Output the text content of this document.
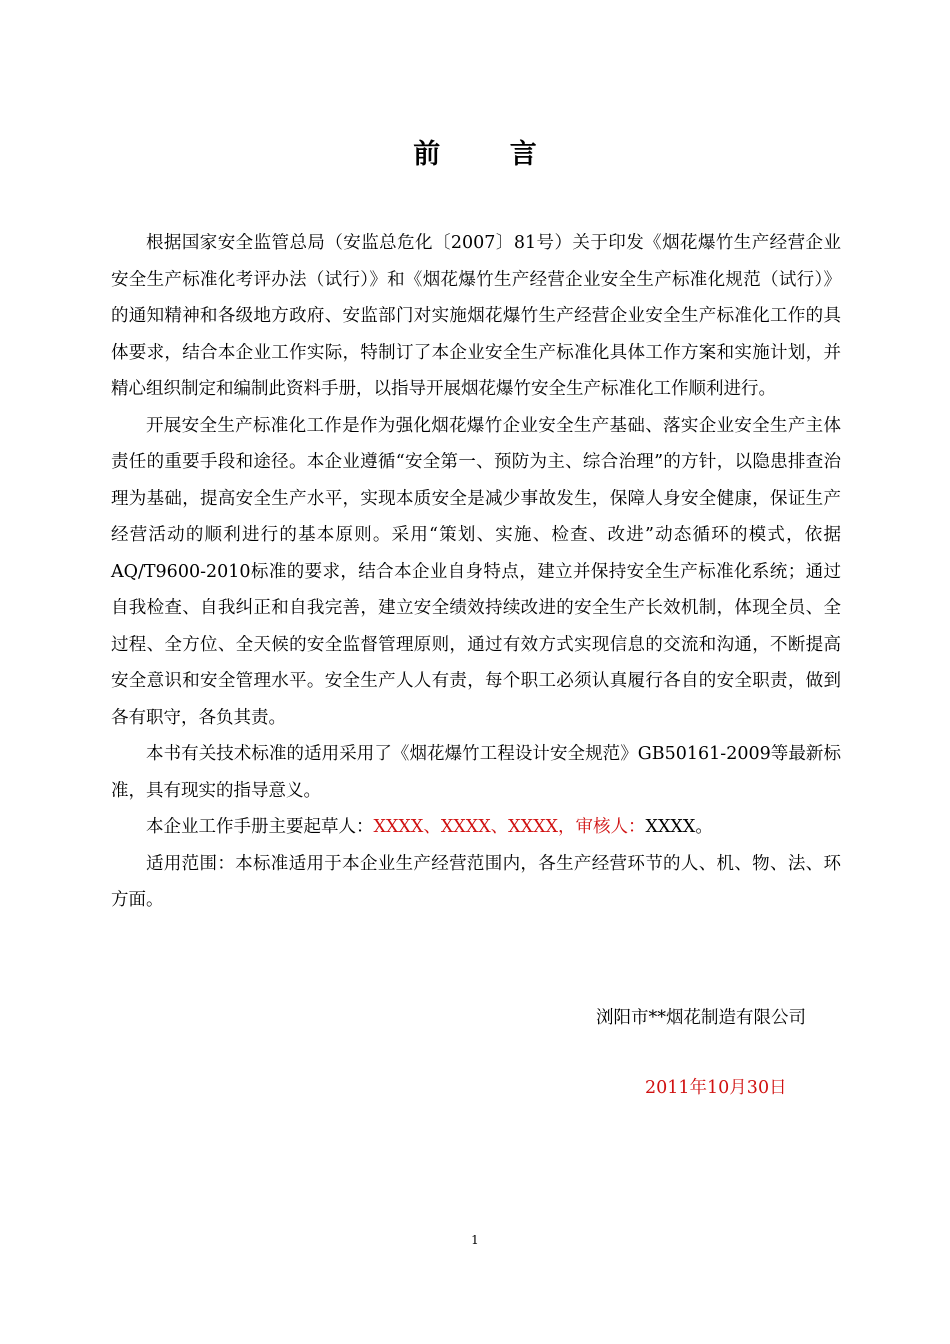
前 言

根据国家安全监管总局（安监总危化〔2007〕81号）关于印发《烟花爆竹生产经营企业安全生产标准化考评办法（试行）》和《烟花爆竹生产经营企业安全生产标准化规范（试行）》的通知精神和各级地方政府、安监部门对实施烟花爆竹生产经营企业安全生产标准化工作的具体要求，结合本企业工作实际，特制订了本企业安全生产标准化具体工作方案和实施计划，并精心组织制定和编制此资料手册，以指导开展烟花爆竹安全生产标准化工作顺利进行。

开展安全生产标准化工作是作为强化烟花爆竹企业安全生产基础、落实企业安全生产主体责任的重要手段和途径。本企业遵循“安全第一、预防为主、综合治理”的方针，以隐患排查治理为基础，提高安全生产水平，实现本质安全是减少事故发生，保障人身安全健康，保证生产经营活动的顺利进行的基本原则。采用“策划、实施、检查、改进”动态循环的模式，依据AQ/T9600-2010标准的要求，结合本企业自身特点，建立并保持安全生产标准化系统；通过自我检查、自我纠正和自我完善，建立安全绩效持续改进的安全生产长效机制，体现全员、全过程、全方位、全天候的安全监督管理原则，通过有效方式实现信息的交流和沟通，不断提高安全意识和安全管理水平。安全生产人人有责，每个职工必须认真履行各自的安全职责，做到各有职守，各负其责。

本书有关技术标准的适用采用了《烟花爆竹工程设计安全规范》GB50161-2009等最新标准，具有现实的指导意义。

本企业工作手册主要起草人：XXXX、XXXX、XXXX，审核人：XXXX。

适用范围：本标准适用于本企业生产经营范围内，各生产经营环节的人、机、物、法、环方面。

浏阳市**烟花制造有限公司
2011年10月30日
1
